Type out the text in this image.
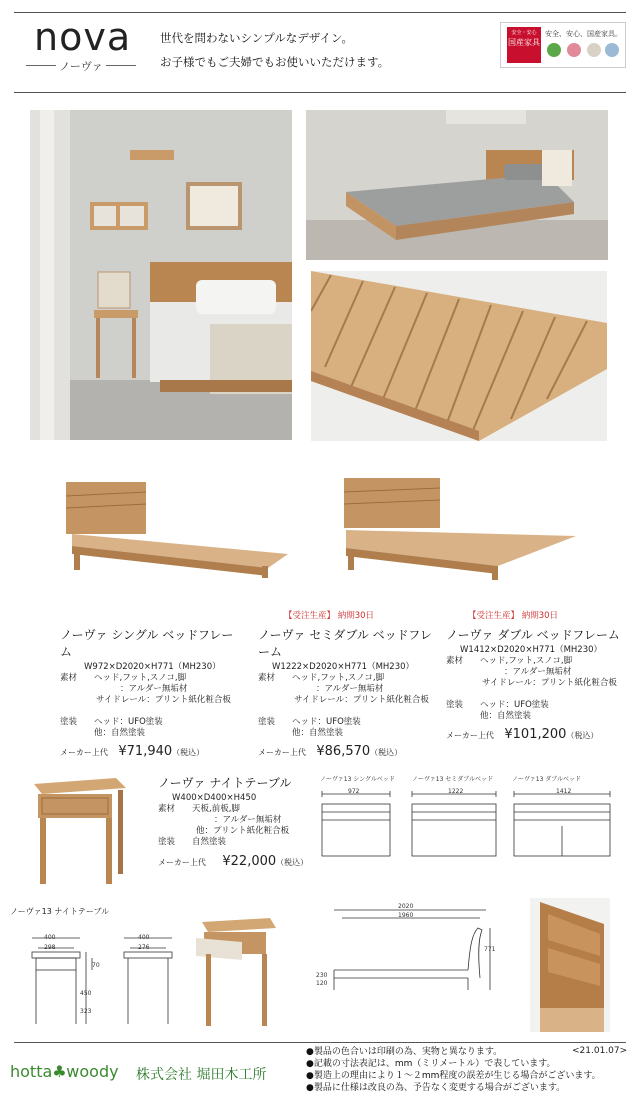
nova
ノーヴァ
世代を問わないシンプルなデザイン。
お子様でもご夫婦でもお使いいただけます。
安全・安心
国産家具
安全、安心、国産家具。
ノーヴァ シングル ベッドフレーム
W972×D2020×H771（MH230）
素材 ヘッド,フット,スノコ,脚
：アルダー無垢材
サイドレール：プリント紙化粧合板
塗装 ヘッド：UFO塗装
他：自然塗装
メーカー上代 ¥71,940（税込）
【受注生産】 納期30日
ノーヴァ セミダブル ベッドフレーム
W1222×D2020×H771（MH230）
素材 ヘッド,フット,スノコ,脚
：アルダー無垢材
サイドレール：プリント紙化粧合板
塗装 ヘッド：UFO塗装
他：自然塗装
メーカー上代 ¥86,570（税込）
【受注生産】 納期30日
ノーヴァ ダブル ベッドフレーム
W1412×D2020×H771（MH230）
素材 ヘッド,フット,スノコ,脚
：アルダー無垢材
サイドレール：プリント紙化粧合板
塗装 ヘッド：UFO塗装
他：自然塗装
メーカー上代 ¥101,200（税込）
ノーヴァ ナイトテーブル
W400×D400×H450
素材 天板,前板,脚
：アルダー無垢材
他：プリント紙化粧合板
塗装 自然塗装
メーカー上代 ¥22,000（税込）
ノーヴァ13 シングルベッド	ノーヴァ13 セミダブルベッド	ノーヴァ13 ダブルベッド
972	1222	1412
ノーヴァ13 ナイトテーブル
400
298
400
276
450
323
70
2020
1960
771
230
120
hotta♣woody 株式会社 堀田木工所
●製品の色合いは印刷の為、実物と異なります。
●記載の寸法表記は、mm（ミリメートル）で表しています。
●製造上の理由により１～２mm程度の誤差が生じる場合がございます。
●製品に仕様は改良の為、予告なく変更する場合がございます。
<21.01.07>
